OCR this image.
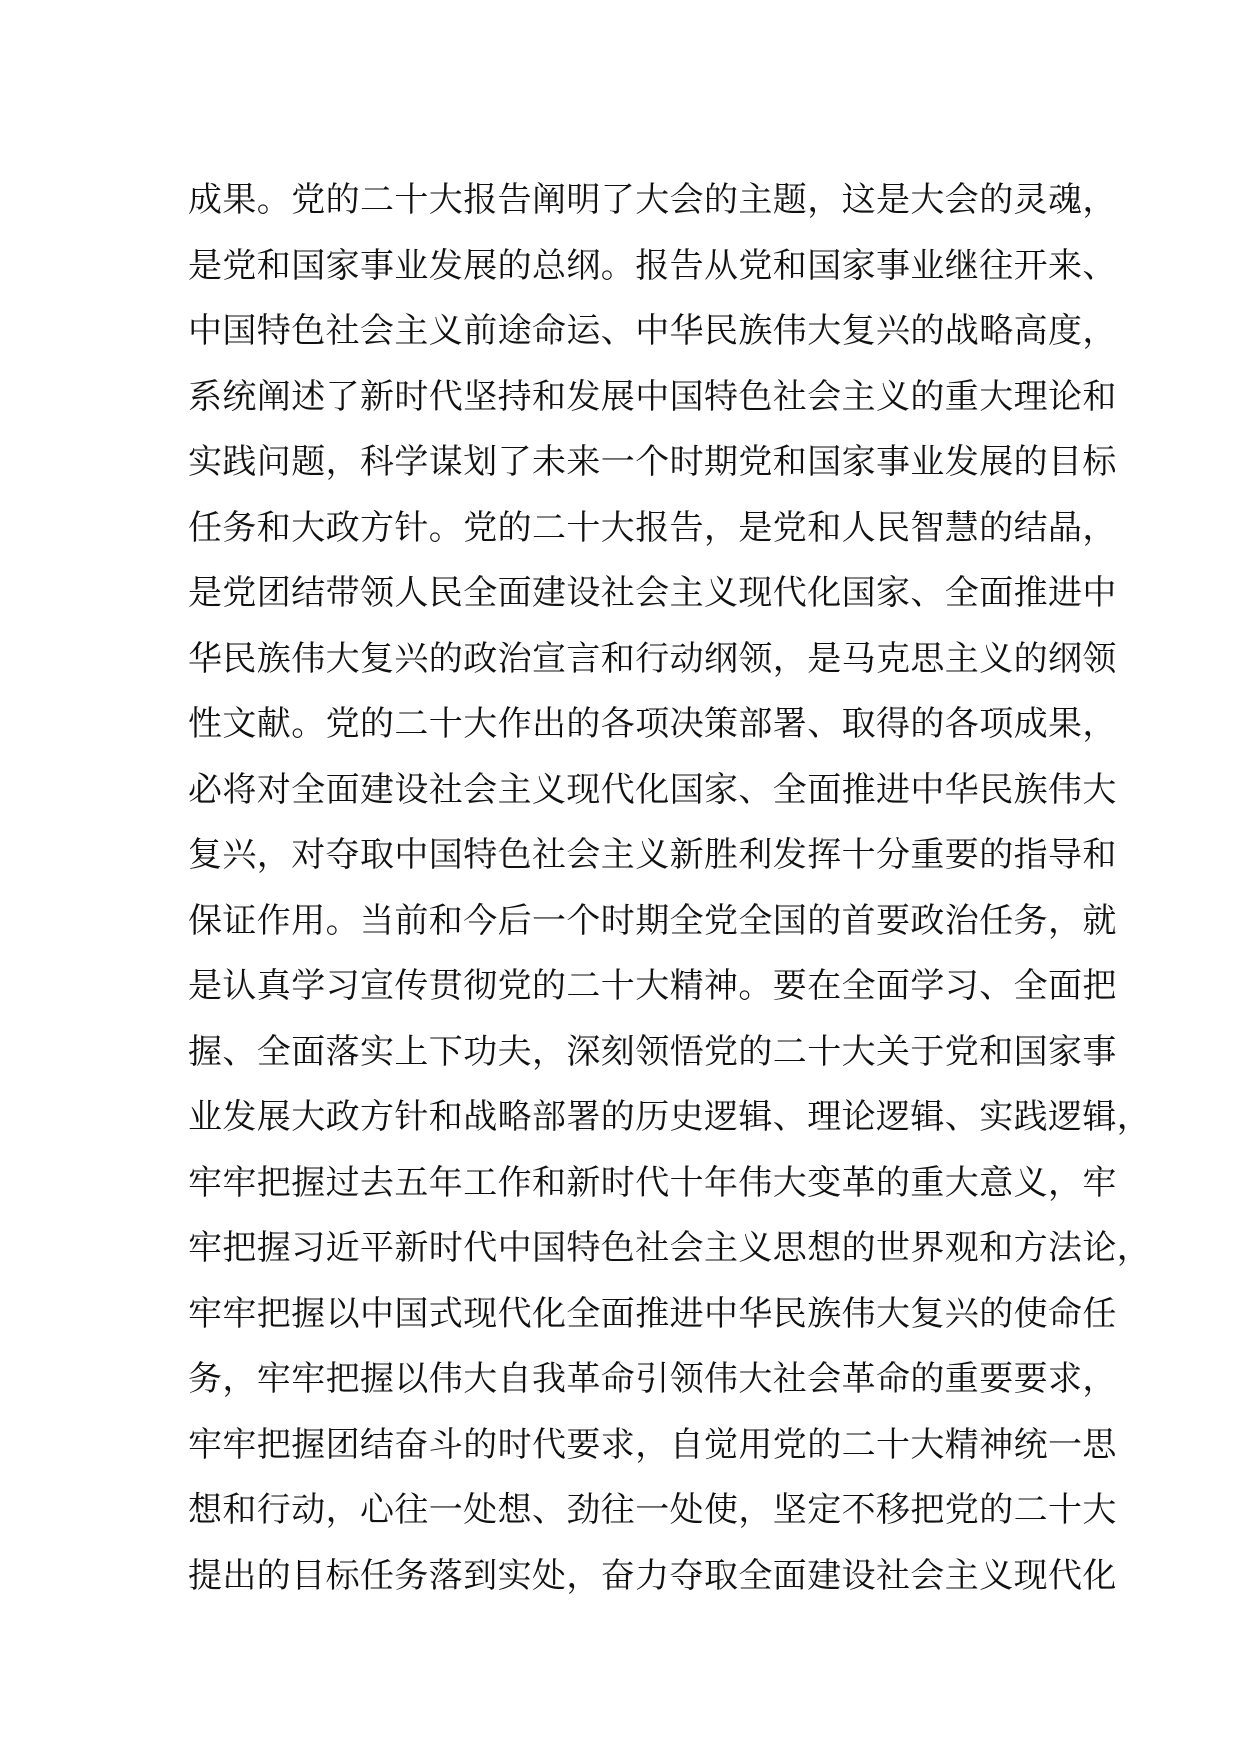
成果。党的二十大报告阐明了大会的主题，这是大会的灵魂，
是党和国家事业发展的总纲。报告从党和国家事业继往开来、
中国特色社会主义前途命运、中华民族伟大复兴的战略高度，
系统阐述了新时代坚持和发展中国特色社会主义的重大理论和
实践问题，科学谋划了未来一个时期党和国家事业发展的目标
任务和大政方针。党的二十大报告，是党和人民智慧的结晶，
是党团结带领人民全面建设社会主义现代化国家、全面推进中
华民族伟大复兴的政治宣言和行动纲领，是马克思主义的纲领
性文献。党的二十大作出的各项决策部署、取得的各项成果，
必将对全面建设社会主义现代化国家、全面推进中华民族伟大
复兴，对夺取中国特色社会主义新胜利发挥十分重要的指导和
保证作用。当前和今后一个时期全党全国的首要政治任务，就
是认真学习宣传贯彻党的二十大精神。要在全面学习、全面把
握、全面落实上下功夫，深刻领悟党的二十大关于党和国家事
业发展大政方针和战略部署的历史逻辑、理论逻辑、实践逻辑，
牢牢把握过去五年工作和新时代十年伟大变革的重大意义，牢
牢把握习近平新时代中国特色社会主义思想的世界观和方法论，
牢牢把握以中国式现代化全面推进中华民族伟大复兴的使命任
务，牢牢把握以伟大自我革命引领伟大社会革命的重要要求，
牢牢把握团结奋斗的时代要求，自觉用党的二十大精神统一思
想和行动，心往一处想、劲往一处使，坚定不移把党的二十大
提出的目标任务落到实处，奋力夺取全面建设社会主义现代化
